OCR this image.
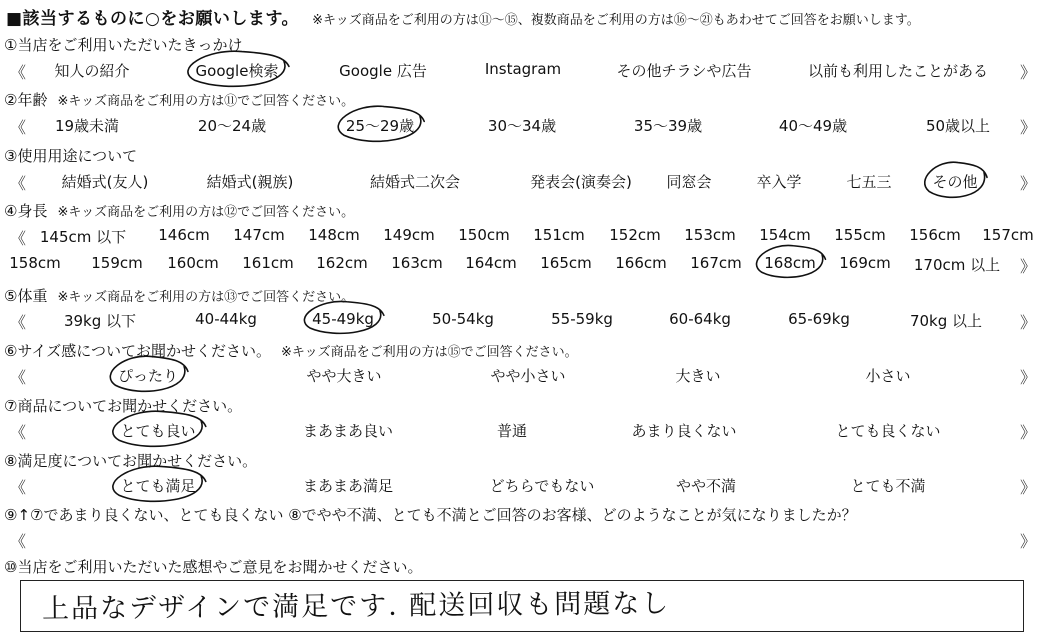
■該当するものに○をお願いします。 ※キッズ商品をご利用の方は⑪〜⑮、複数商品をご利用の方は⑯〜㉑もあわせてご回答をお願いします。
①当店をご利用いただいたきっかけ
《	》
知人の紹介	Google検索	Google 広告	Instagram	その他チラシや広告	以前も利用したことがある
②年齢 ※キッズ商品をご利用の方は⑪でご回答ください。
《	》
19歳未満	20〜24歳	25〜29歳	30〜34歳	35〜39歳	40〜49歳	50歳以上
③使用用途について
《	》
結婚式(友人)	結婚式(親族)	結婚式二次会	発表会(演奏会) 同窓会	卒入学	七五三	その他
④身長 ※キッズ商品をご利用の方は⑫でご回答ください。
《 145cm 以下 146cm 147cm 148cm 149cm 150cm 151cm 152cm 153cm 154cm 155cm 156cm 157cm
》
158cm 159cm 160cm 161cm 162cm 163cm 164cm 165cm 166cm 167cm 168cm 169cm 170cm 以上
⑤体重 ※キッズ商品をご利用の方は⑬でご回答ください。
《	》
39kg 以下	40-44kg	45-49kg	50-54kg	55-59kg	60-64kg	65-69kg	70kg 以上
⑥サイズ感についてお聞かせください。 ※キッズ商品をご利用の方は⑮でご回答ください。
《	》
ぴったり	やや大きい	やや小さい	大きい	小さい
⑦商品についてお聞かせください。
《	》
とても良い	まあまあ良い	普通	あまり良くない	とても良くない
⑧満足度についてお聞かせください。
《	》
とても満足	まあまあ満足	どちらでもない	やや不満	とても不満
⑨↑⑦であまり良くない、とても良くない ⑧でやや不満、とても不満とご回答のお客様、どのようなことが気になりましたか？
《	》
⑩当店をご利用いただいた感想やご意見をお聞かせください。
上品なデザインで満足です. 配送回収も問題なし
